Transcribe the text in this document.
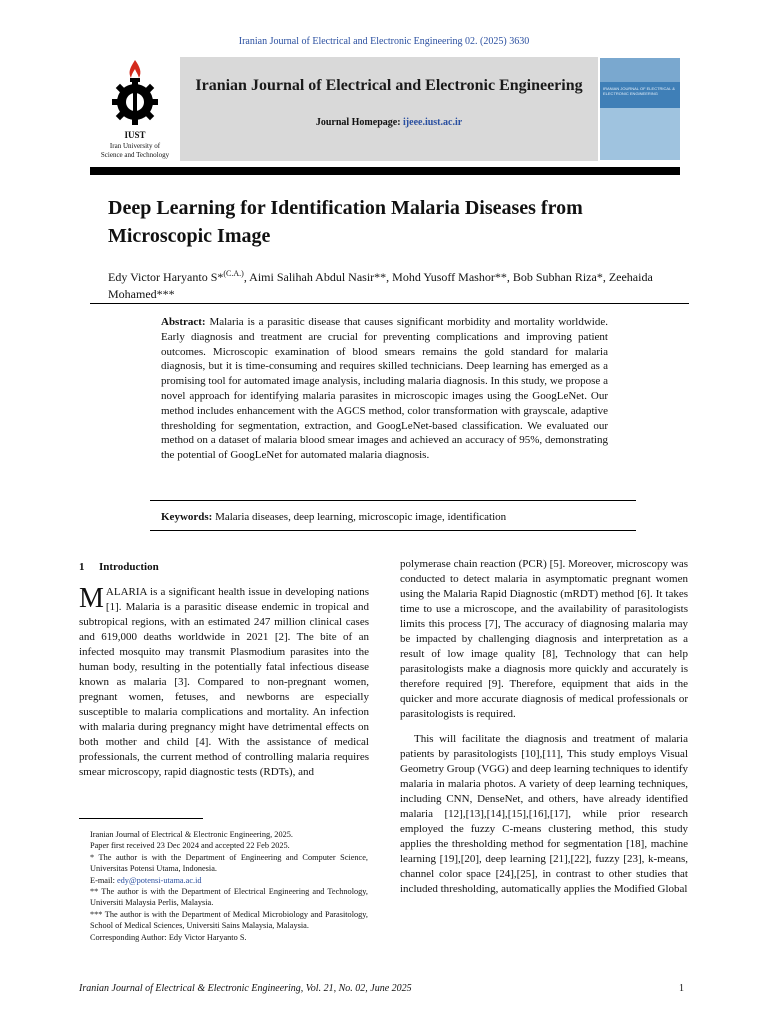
Iranian Journal of Electrical and Electronic Engineering 02. (2025) 3630
IUST
Iran University of
Science and Technology
Iranian Journal of Electrical and Electronic Engineering
Journal Homepage: ijeee.iust.ac.ir
IRANIAN JOURNAL OF ELECTRICAL & ELECTRONIC ENGINEERING
Deep Learning for Identification Malaria Diseases from Microscopic Image
Edy Victor Haryanto S*$^{(C.A.)}$, Aimi Salihah Abdul Nasir**, Mohd Yusoff Mashor**, Bob Subhan Riza*, Zeehaida Mohamed***
Abstract: Malaria is a parasitic disease that causes significant morbidity and mortality worldwide. Early diagnosis and treatment are crucial for preventing complications and improving patient outcomes. Microscopic examination of blood smears remains the gold standard for malaria diagnosis, but it is time-consuming and requires skilled technicians. Deep learning has emerged as a promising tool for automated image analysis, including malaria diagnosis. In this study, we propose a novel approach for identifying malaria parasites in microscopic images using the GoogLeNet. Our method includes enhancement with the AGCS method, color transformation with grayscale, adaptive thresholding for segmentation, extraction, and GoogLeNet-based classification. We evaluated our method on a dataset of malaria blood smear images and achieved an accuracy of 95%, demonstrating the potential of GoogLeNet for automated malaria diagnosis.
Keywords: Malaria diseases, deep learning, microscopic image, identification

1 Introduction

MALARIA is a significant health issue in developing nations [1]. Malaria is a parasitic disease endemic in tropical and subtropical regions, with an estimated 247 million clinical cases and 619,000 deaths worldwide in 2021 [2]. The bite of an infected mosquito may transmit Plasmodium parasites into the human body, resulting in the potentially fatal infectious disease known as malaria [3]. Compared to non-pregnant women, pregnant women, fetuses, and newborns are especially susceptible to malaria complications and mortality. An infection with malaria during pregnancy might have detrimental effects on both mother and child [4]. With the assistance of medical professionals, the current method of controlling malaria requires smear microscopy, rapid diagnostic tests (RDTs), and

Iranian Journal of Electrical & Electronic Engineering, 2025.

Paper first received 23 Dec 2024 and accepted 22 Feb 2025.

* The author is with the Department of Engineering and Computer Science, Universitas Potensi Utama, Indonesia.

E-mail: edy@potensi-utama.ac.id

** The author is with the Department of Electrical Engineering and Technology, Universiti Malaysia Perlis, Malaysia.

*** The author is with the Department of Medical Microbiology and Parasitology, School of Medical Sciences, Universiti Sains Malaysia, Malaysia.

Corresponding Author: Edy Victor Haryanto S.

polymerase chain reaction (PCR) [5]. Moreover, microscopy was conducted to detect malaria in asymptomatic pregnant women using the Malaria Rapid Diagnostic (mRDT) method [6]. It takes time to use a microscope, and the availability of parasitologists limits this process [7], The accuracy of diagnosing malaria may be impacted by challenging diagnosis and interpretation as a result of low image quality [8], Technology that can help parasitologists make a diagnosis more quickly and accurately is therefore required [9]. Therefore, equipment that aids in the quicker and more accurate diagnosis of medical professionals or parasitologists is required.

This will facilitate the diagnosis and treatment of malaria patients by parasitologists [10],[11], This study employs Visual Geometry Group (VGG) and deep learning techniques to identify malaria in malaria photos. A variety of deep learning techniques, including CNN, DenseNet, and others, have already identified malaria [12],[13],[14],[15],[16],[17], while prior research employed the fuzzy C-means clustering method, this study applies the thresholding method for segmentation [18], machine learning [19],[20], deep learning [21],[22], fuzzy [23], k-means, channel color space [24],[25], in contrast to other studies that included thresholding, automatically applies the Modified Global

Iranian Journal of Electrical & Electronic Engineering, Vol. 21, No. 02, June 2025	1
